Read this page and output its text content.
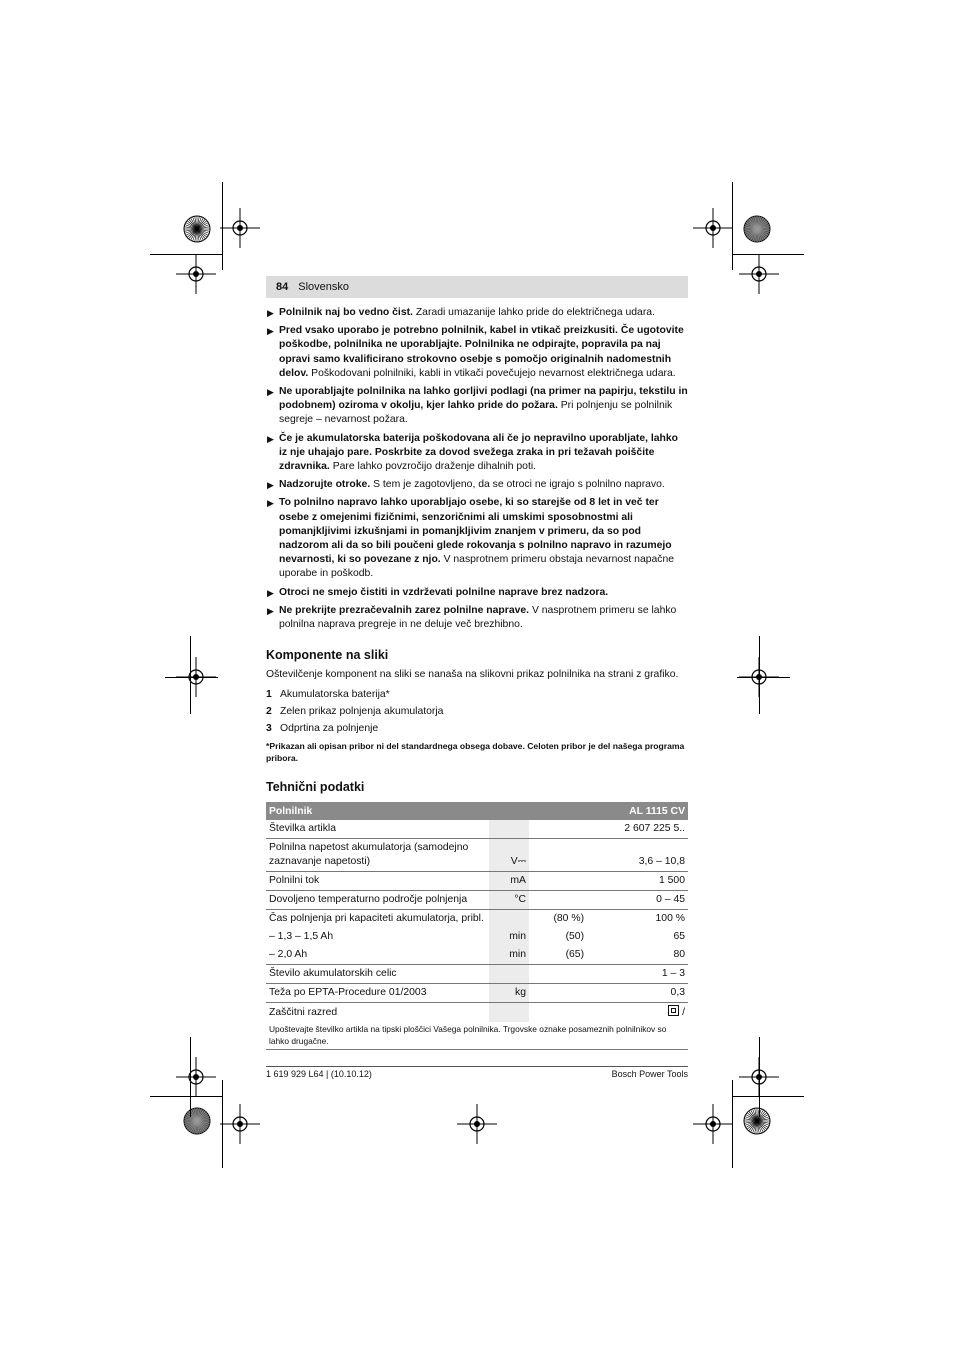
84 Slovensko
▶ Polnilnik naj bo vedno čist. Zaradi umazanije lahko pride do električnega udara.
▶ Pred vsako uporabo je potrebno polnilnik, kabel in vtikač preizkusiti. Če ugotovite poškodbe, polnilnika ne uporabljajte. Polnilnika ne odpirajte, popravila pa naj opravi samo kvalificirano strokovno osebje s pomočjo originalnih nadomestnih delov. Poškodovani polnilniki, kabli in vtikači povečujejo nevarnost električnega udara.
▶ Ne uporabljajte polnilnika na lahko gorljivi podlagi (na primer na papirju, tekstilu in podobnem) oziroma v okolju, kjer lahko pride do požara. Pri polnjenju se polnilnik segreje – nevarnost požara.
▶ Če je akumulatorska baterija poškodovana ali če jo nepravilno uporabljate, lahko iz nje uhajajo pare. Poskrbite za dovod svežega zraka in pri težavah poiščite zdravnika. Pare lahko povzročijo draženje dihalnih poti.
▶ Nadzorujte otroke. S tem je zagotovljeno, da se otroci ne igrajo s polnilno napravo.
▶ To polnilno napravo lahko uporabljajo osebe, ki so starejše od 8 let in več ter osebe z omejenimi fizičnimi, senzoričnimi ali umskimi sposobnostmi ali pomanjkljivimi izkušnjami in pomanjkljivim znanjem v primeru, da so pod nadzorom ali da so bili poučeni glede rokovanja s polnilno napravo in razumejo nevarnosti, ki so povezane z njo. V nasprotnem primeru obstaja nevarnost napačne uporabe in poškodb.
▶ Otroci ne smejo čistiti in vzdrževati polnilne naprave brez nadzora.
▶ Ne prekrijte prezračevalnih zarez polnilne naprave. V nasprotnem primeru se lahko polnilna naprava pregreje in ne deluje več brezhibno.
Komponente na sliki

Oštevilčenje komponent na sliki se nanaša na slikovni prikaz polnilnika na strani z grafiko.

1 Akumulatorska baterija*
2 Zelen prikaz polnjenja akumulatorja
3 Odprtina za polnjenje

*Prikazan ali opisan pribor ni del standardnega obsega dobave. Celoten pribor je del našega programa pribora.

Tehnični podatki
Polnilnik			AL 1115 CV
Številka artikla			2 607 225 5..
Polnilna napetost akumulatorja (samodejno zaznavanje napetosti)	V⎓		3,6 – 10,8
Polnilni tok	mA		1 500
Dovoljeno temperaturno področje polnjenja	°C		0 – 45
Čas polnjenja pri kapaciteti akumulatorja, pribl.		(80 %)	100 %
– 1,3 – 1,5 Ah	min	(50)	65
– 2,0 Ah	min	(65)	80
Število akumulatorskih celic			1 – 3
Teža po EPTA-Procedure 01/2003	kg		0,3
Zaščitni razred			/
Upoštevajte številko artikla na tipski ploščici Vašega polnilnika. Trgovske oznake posameznih polnilnikov so lahko drugačne.			
1 619 929 L64 | (10.10.12)	Bosch Power Tools
